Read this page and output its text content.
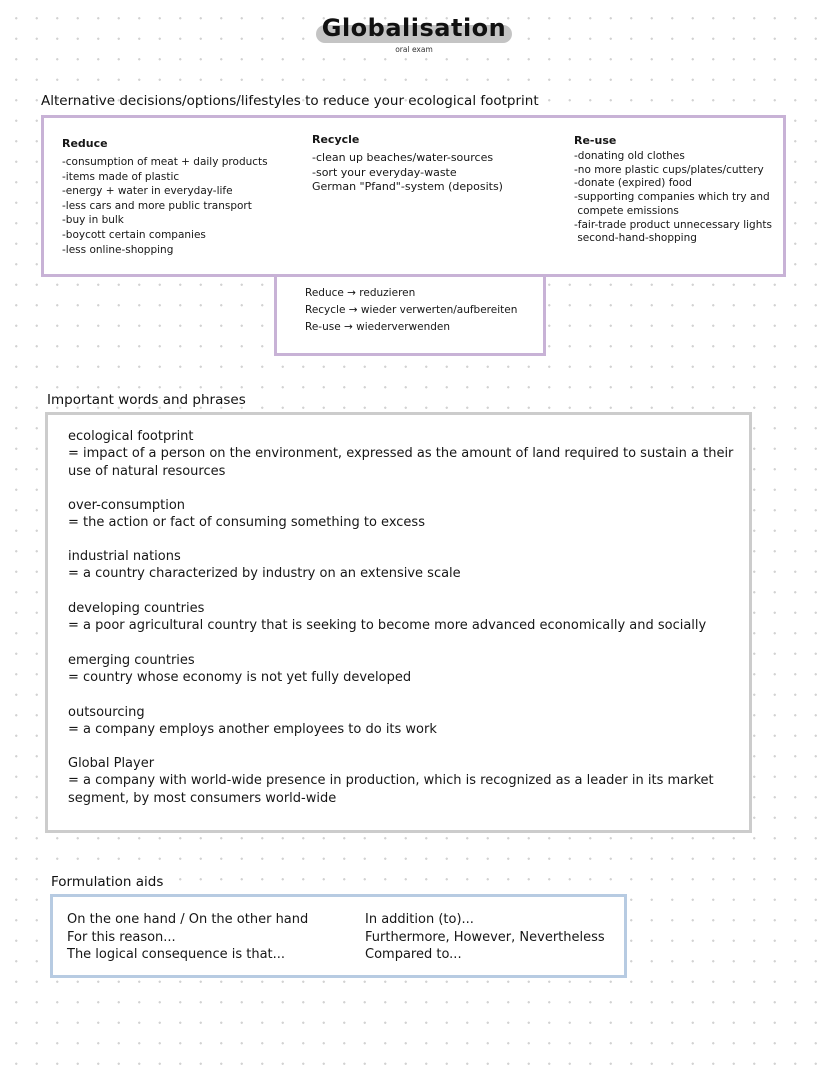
Globalisation
oral exam
Alternative decisions/options/lifestyles to reduce your ecological footprint
Reduce
-consumption of meat + daily products
-items made of plastic
-energy + water in everyday-life
-less cars and more public transport
-buy in bulk
-boycott certain companies
-less online-shopping
Recycle
-clean up beaches/water-sources
-sort your everyday-waste
German "Pfand"-system (deposits)
Re-use
-donating old clothes
-no more plastic cups/plates/cuttery
-donate (expired) food
-supporting companies which try and
compete emissions
-fair-trade product unnecessary lights
second-hand-shopping
Reduce → reduzieren
Recycle → wieder verwerten/aufbereiten
Re-use → wiederverwenden
Important words and phrases
ecological footprint
= impact of a person on the environment, expressed as the amount of land required to sustain a their use of natural resources
over-consumption
= the action or fact of consuming something to excess
industrial nations
= a country characterized by industry on an extensive scale
developing countries
= a poor agricultural country that is seeking to become more advanced economically and socially
emerging countries
= country whose economy is not yet fully developed
outsourcing
= a company employs another employees to do its work
Global Player
= a company with world-wide presence in production, which is recognized as a leader in its market segment, by most consumers world-wide
Formulation aids
On the one hand / On the other hand
For this reason...
The logical consequence is that...
In addition (to)...
Furthermore, However, Nevertheless
Compared to...
